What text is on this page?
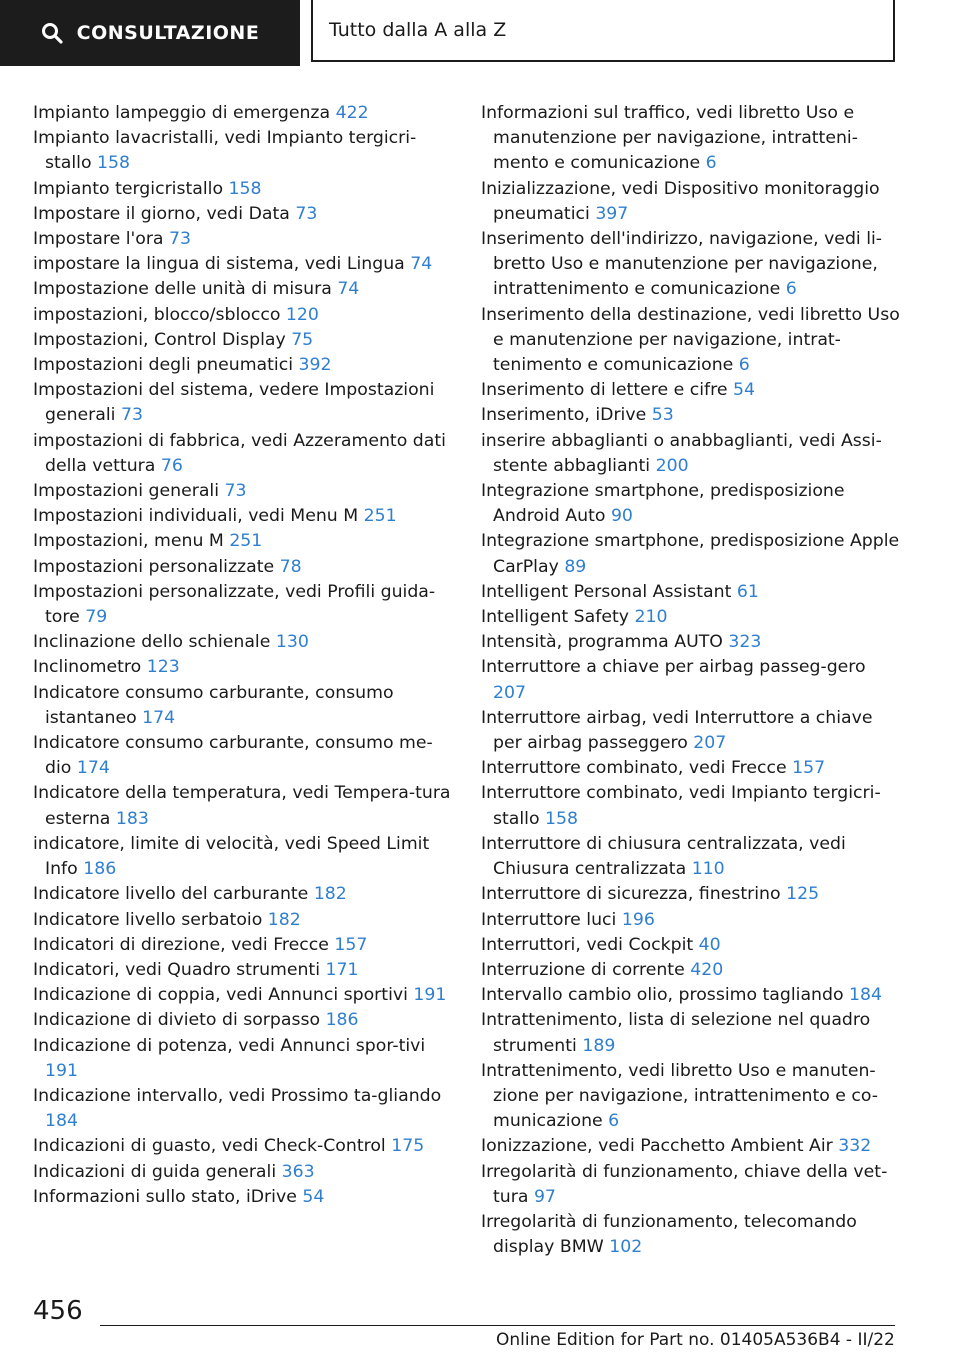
CONSULTAZIONE	Tutto dalla A alla Z

Impianto lampeggio di emergenza 422

Impianto lavacristalli, vedi Impianto tergicri-stallo 158

Impianto tergicristallo 158

Impostare il giorno, vedi Data 73

Impostare l'ora 73

impostare la lingua di sistema, vedi Lingua 74

Impostazione delle unità di misura 74

impostazioni, blocco/sblocco 120

Impostazioni, Control Display 75

Impostazioni degli pneumatici 392

Impostazioni del sistema, vedere Impostazioni generali 73

impostazioni di fabbrica, vedi Azzeramento dati della vettura 76

Impostazioni generali 73

Impostazioni individuali, vedi Menu M 251

Impostazioni, menu M 251

Impostazioni personalizzate 78

Impostazioni personalizzate, vedi Profili guida-tore 79

Inclinazione dello schienale 130

Inclinometro 123

Indicatore consumo carburante, consumo istantaneo 174

Indicatore consumo carburante, consumo me-dio 174

Indicatore della temperatura, vedi Tempera-tura esterna 183

indicatore, limite di velocità, vedi Speed Limit Info 186

Indicatore livello del carburante 182

Indicatore livello serbatoio 182

Indicatori di direzione, vedi Frecce 157

Indicatori, vedi Quadro strumenti 171

Indicazione di coppia, vedi Annunci sportivi 191

Indicazione di divieto di sorpasso 186

Indicazione di potenza, vedi Annunci spor-tivi 191

Indicazione intervallo, vedi Prossimo ta-gliando 184

Indicazioni di guasto, vedi Check-Control 175

Indicazioni di guida generali 363

Informazioni sullo stato, iDrive 54

Informazioni sul traffico, vedi libretto Uso e manutenzione per navigazione, intratteni-mento e comunicazione 6

Inizializzazione, vedi Dispositivo monitoraggio pneumatici 397

Inserimento dell'indirizzo, navigazione, vedi li-bretto Uso e manutenzione per navigazione, intrattenimento e comunicazione 6

Inserimento della destinazione, vedi libretto Uso e manutenzione per navigazione, intrat-tenimento e comunicazione 6

Inserimento di lettere e cifre 54

Inserimento, iDrive 53

inserire abbaglianti o anabbaglianti, vedi Assi-stente abbaglianti 200

Integrazione smartphone, predisposizione Android Auto 90

Integrazione smartphone, predisposizione Apple CarPlay 89

Intelligent Personal Assistant 61

Intelligent Safety 210

Intensità, programma AUTO 323

Interruttore a chiave per airbag passeg-gero 207

Interruttore airbag, vedi Interruttore a chiave per airbag passeggero 207

Interruttore combinato, vedi Frecce 157

Interruttore combinato, vedi Impianto tergicri-stallo 158

Interruttore di chiusura centralizzata, vedi Chiusura centralizzata 110

Interruttore di sicurezza, finestrino 125

Interruttore luci 196

Interruttori, vedi Cockpit 40

Interruzione di corrente 420

Intervallo cambio olio, prossimo tagliando 184

Intrattenimento, lista di selezione nel quadro strumenti 189

Intrattenimento, vedi libretto Uso e manuten-zione per navigazione, intrattenimento e co-municazione 6

Ionizzazione, vedi Pacchetto Ambient Air 332

Irregolarità di funzionamento, chiave della vet-tura 97

Irregolarità di funzionamento, telecomando display BMW 102

456
Online Edition for Part no. 01405A536B4 - II/22
